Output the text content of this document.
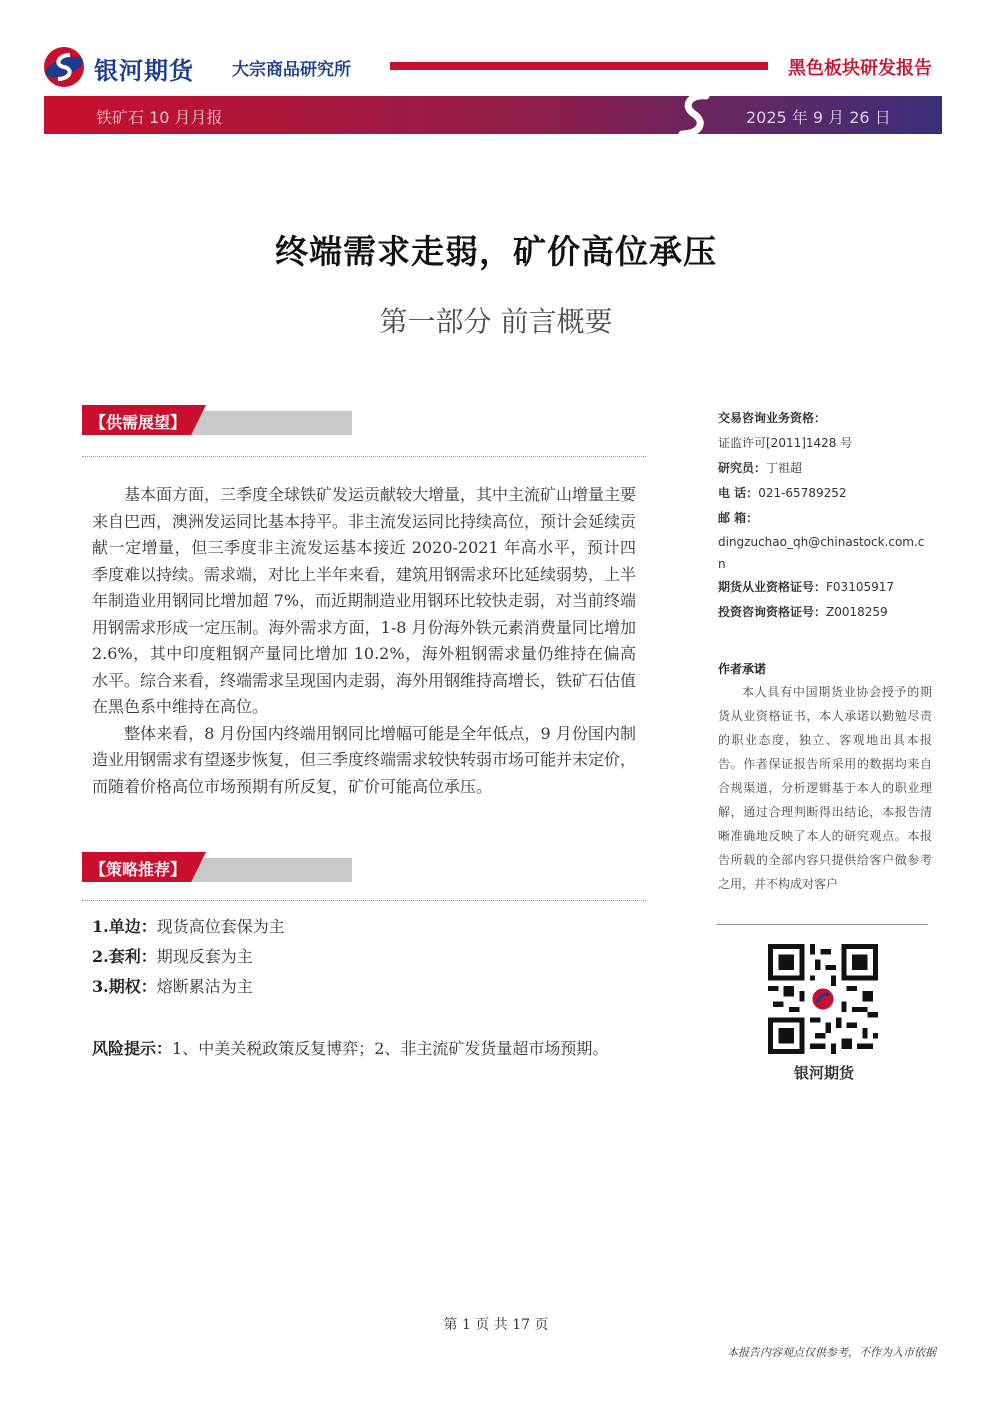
银河期货 大宗商品研究所	黑色板块研发报告
铁矿石 10 月月报	2025 年 9 月 26 日
终端需求走弱，矿价高位承压
第一部分 前言概要
【供需展望】

基本面方面，三季度全球铁矿发运贡献较大增量，其中主流矿山增量主要来自巴西，澳洲发运同比基本持平。非主流发运同比持续高位，预计会延续贡献一定增量，但三季度非主流发运基本接近 2020-2021 年高水平，预计四季度难以持续。需求端，对比上半年来看，建筑用钢需求环比延续弱势，上半年制造业用钢同比增加超 7%，而近期制造业用钢环比较快走弱，对当前终端用钢需求形成一定压制。海外需求方面，1-8 月份海外铁元素消费量同比增加 2.6%，其中印度粗钢产量同比增加 10.2%，海外粗钢需求量仍维持在偏高水平。综合来看，终端需求呈现国内走弱，海外用钢维持高增长，铁矿石估值在黑色系中维持在高位。

整体来看，8 月份国内终端用钢同比增幅可能是全年低点，9 月份国内制造业用钢需求有望逐步恢复，但三季度终端需求较快转弱市场可能并未定价，而随着价格高位市场预期有所反复，矿价可能高位承压。

【策略推荐】
1.单边：现货高位套保为主
2.套利：期现反套为主
3.期权：熔断累沽为主
风险提示：1、中美关税政策反复博弈；2、非主流矿发货量超市场预期。
交易咨询业务资格：
证监许可[2011]1428 号
研究员：丁祖超
电 话：021-65789252
邮 箱：
dingzuchao_qh@chinastock.com.cn
期货从业资格证号：F03105917
投资咨询资格证号：Z0018259
作者承诺
本人具有中国期货业协会授予的期货从业资格证书，本人承诺以勤勉尽责的职业态度，独立、客观地出具本报告。作者保证报告所采用的数据均来自合规渠道，分析逻辑基于本人的职业理解，通过合理判断得出结论，本报告清晰准确地反映了本人的研究观点。本报告所载的全部内容只提供给客户做参考之用，并不构成对客户
银河期货
第 1 页 共 17 页
本报告内容观点仅供参考，不作为入市依据
